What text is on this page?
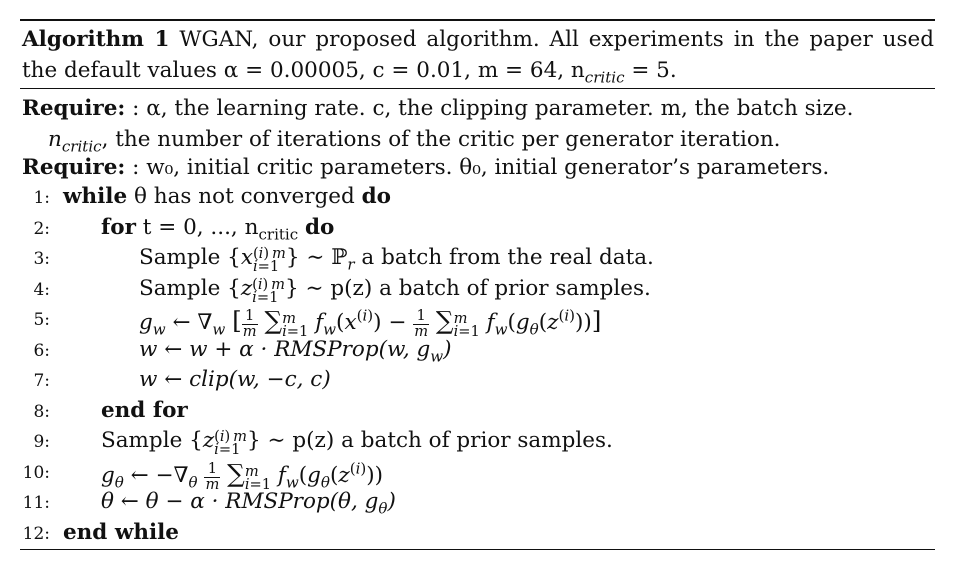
Algorithm 1 WGAN, our proposed algorithm. All experiments in the paper used the default values α = 0.00005, c = 0.01, m = 64, $n_{critic} = 5$.
Require: : α, the learning rate. c, the clipping parameter. m, the batch size.
$n_{critic}$, the number of iterations of the critic per generator iteration.
Require: : w₀, initial critic parameters. θ₀, initial generator’s parameters.
1: while θ has not converged do
2: for t = 0, ..., $n_{critic}$ do
3:	Sample {x(i)  m
i=1 } ∼ ℙ$_r$ a batch from the real data.
4:	Sample {z(i)  m
i=1 } ∼ p(z) a batch of prior samples.
5:	$g_w$ ← $\nabla_w$ [ $\frac{1}{m} \sum m$
i=1 $f_w(x^{(i)}) - \frac{1}{m} \sum m$
i=1 $f_w(g_\theta(z^{(i)}))$]
6:	w ← w + α · RMSProp(w, $g_w$)
7:	w ← clip(w, −c, c)
8: end for
9: Sample {z(i)  m
i=1 } ∼ p(z) a batch of prior samples.
10: $g_\theta$ ← $-\nabla_\theta \frac{1}{m} \sum m$
i=1 $f_w(g_\theta(z^{(i)}))$
11: θ ← θ − α · RMSProp(θ, $g_\theta$)
12: end while
